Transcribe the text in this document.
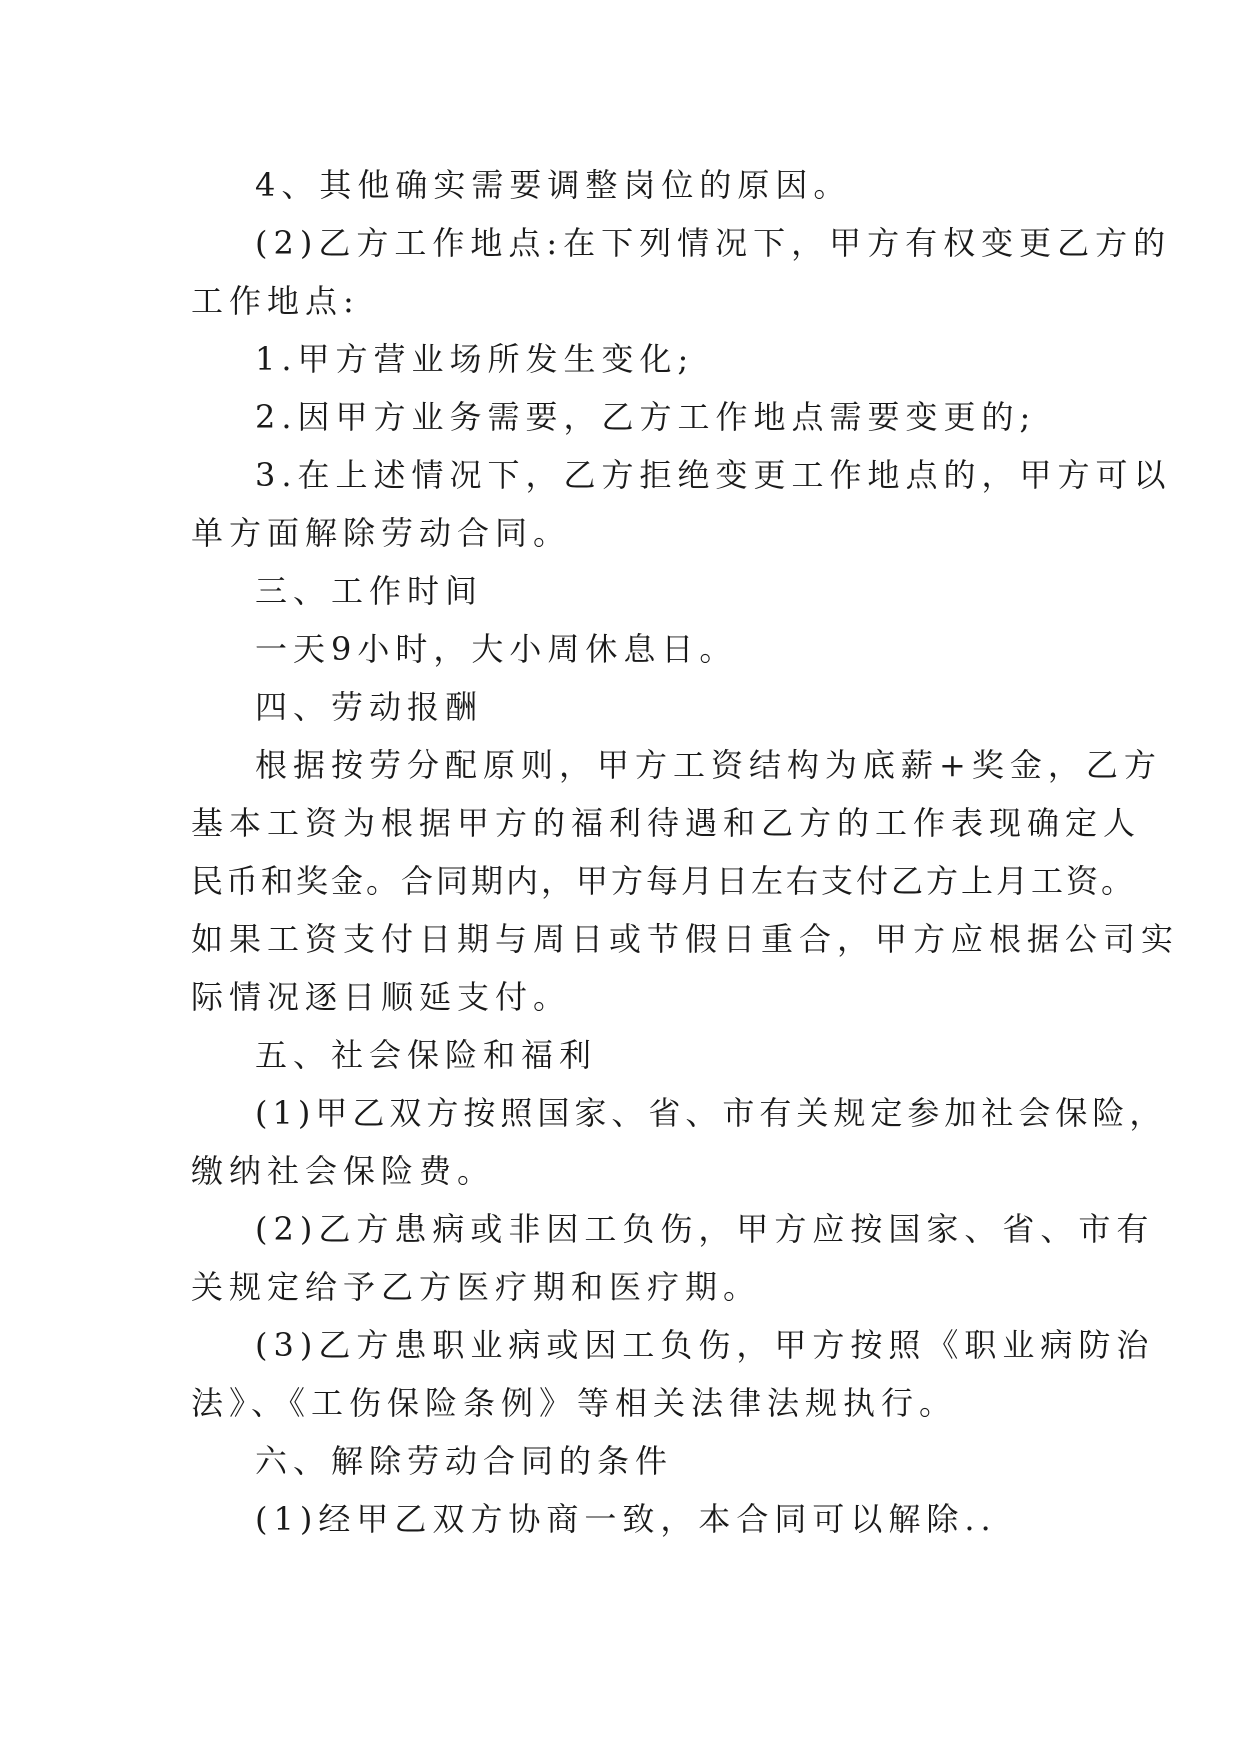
4、其他确实需要调整岗位的原因。
(2)乙方工作地点:在下列情况下，甲方有权变更乙方的
工作地点:
1.甲方营业场所发生变化;
2.因甲方业务需要，乙方工作地点需要变更的;
3.在上述情况下，乙方拒绝变更工作地点的，甲方可以
单方面解除劳动合同。
三、工作时间
一天9小时，大小周休息日。
四、劳动报酬
根据按劳分配原则，甲方工资结构为底薪+奖金，乙方
基本工资为根据甲方的福利待遇和乙方的工作表现确定人
民币和奖金。合同期内，甲方每月日左右支付乙方上月工资。
如果工资支付日期与周日或节假日重合，甲方应根据公司实
际情况逐日顺延支付。
五、社会保险和福利
(1)甲乙双方按照国家、省、市有关规定参加社会保险，
缴纳社会保险费。
(2)乙方患病或非因工负伤，甲方应按国家、省、市有
关规定给予乙方医疗期和医疗期。
(3)乙方患职业病或因工负伤，甲方按照《职业病防治
法》、《工伤保险条例》等相关法律法规执行。
六、解除劳动合同的条件
(1)经甲乙双方协商一致，本合同可以解除..
